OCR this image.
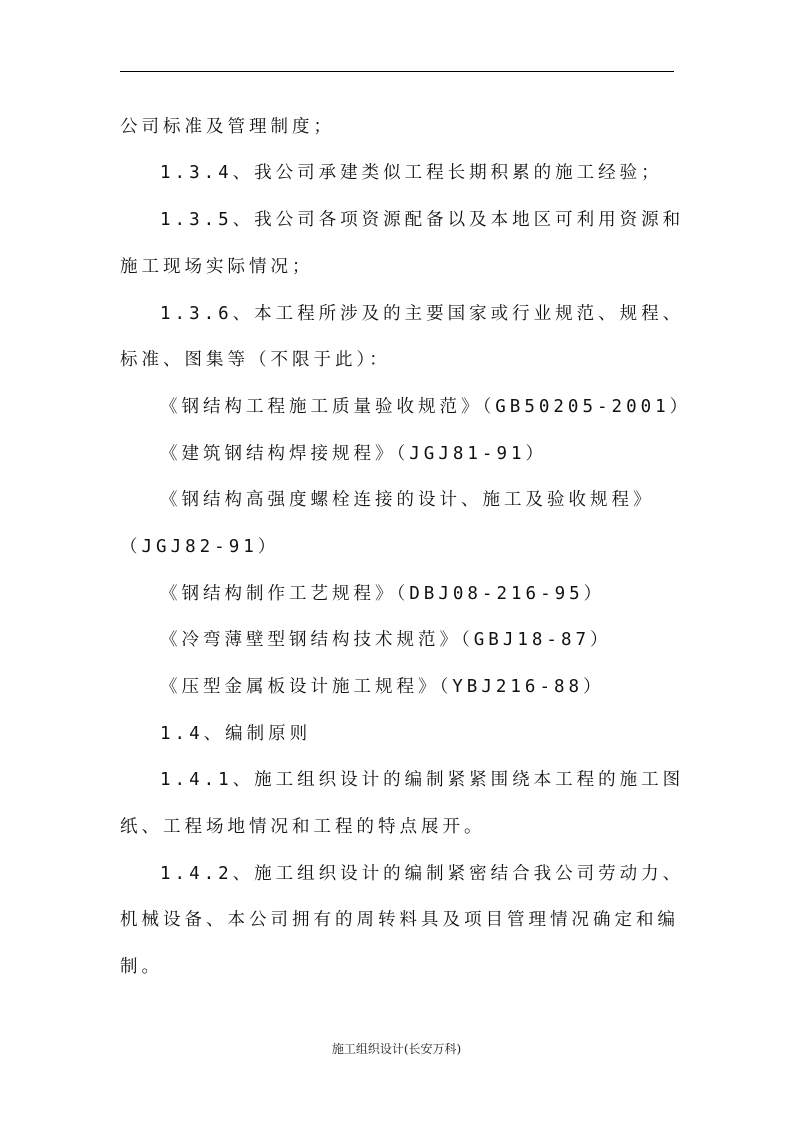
公司标准及管理制度；
1.3.4、我公司承建类似工程长期积累的施工经验；
1.3.5、我公司各项资源配备以及本地区可利用资源和
施工现场实际情况；
1.3.6、本工程所涉及的主要国家或行业规范、规程、
标准、图集等（不限于此）：
《钢结构工程施工质量验收规范》（GB50205-2001）
《建筑钢结构焊接规程》（JGJ81-91）
《钢结构高强度螺栓连接的设计、施工及验收规程》
（JGJ82-91）
《钢结构制作工艺规程》（DBJ08-216-95）
《冷弯薄壁型钢结构技术规范》（GBJ18-87）
《压型金属板设计施工规程》（YBJ216-88）
1.4、编制原则
1.4.1、施工组织设计的编制紧紧围绕本工程的施工图
纸、工程场地情况和工程的特点展开。
1.4.2、施工组织设计的编制紧密结合我公司劳动力、
机械设备、本公司拥有的周转料具及项目管理情况确定和编
制。
施工组织设计(长安万科)
